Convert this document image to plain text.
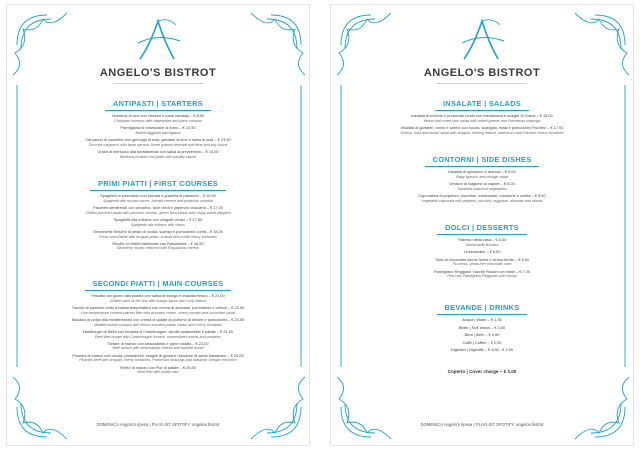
ANGELO'S BISTROT
ANTIPASTI | STARTERS
Hummus di ceci con verdure e pane carasau – € 8,50
Chickpea hummus with vegetables and pane carasau
Parmigiana di melanzane al forno – € 10,50
Baked eggplant parmigiana
Carpaccio di zucchine con germogli di soia, gamberi al lime e salsa di soia – € 13,50
Zucchini carpaccio with bean sprouts, limed prawns dressed with lime and soy sauce
Gratin di merluzzo alla barbabietola con salsa al prezzemolo – € 14,50
Beetroot-crusted cod gratin with parsley sauce
PRIMI PIATTI | FIRST COURSES
Spaghetti al pomodoro con burrata e granella di pistacchi – € 16,50
Spaghetti with tomato sauce, burrata cheese and pistachio crumble
Paccheri semifreddi con pecorino, fave verdi e peperoni croccanti – € 17,00
Chilled paccheri pasta with pecorino cheese, green fava beans and crispy sweet peppers
Spaghetti alla chitarra con vongole veraci – € 17,50
Spaghetti alla chitarra with clams
Orecchiette fresche al pesto di rucola, scampi e pomodorini confit – € 18,00
Fresh orecchiette with arugula pesto, scampi and confit cherry tomatoes
Risotto ai mirtilli mantecato con Raspadura – € 16,50
Blueberry risotto creamed with Raspadura cheese
SECONDI PIATTI | MAIN COURSES
Pescato del giorno alla piastra con salsa al mango e insalata fresca – € 21,00
Grilled catch of the day with mango sauce and curly lettuce
Trancio di salmone cotto a bassa temperatura con crema di avocado, pomodorini e cetrioli – € 22,00
Low-temperature cooked salmon fillet with avocado cream, cherry tomato and cucumber salad
Mosaico di polpo alla mediterranea con crema di patate al profumo di limone e pomodorini – € 23,50
Mediterranean octopus with lemon-scented potato cream and cherry tomatoes
Hamburger di filetto con fonduta di Castelmagno, cipolle caramellate e patate – € 21,00
Beef fillet burger with Castelmagno fondue, caramelized onions and potatoes
Tartare di manzo con stracciatella e pane tostato – € 23,00
Beef tartare with stracciatella cheese and toasted bread
Picanha di manzo con rucola, pomodorini, scaglie di grana e riduzione di aceto balsamico – € 23,50
Picanha beef with arugula, cherry tomatoes, Parmesan shavings and balsamic vinegar reduction
Filetto di manzo con Fior di patate – € 26,00
Beef fillet with potato flan
DOMENICA Angelo's ripesa | PLAYLIST SPOTIFY: angelos bistrot
ANGELO'S BISTROT
INSALATE | SALADS
Insalata di melone e prosciutto crudo con mesticanza e scaglie di Grana – € 15,00
Melon and cured ham salad with mixed greens and Parmesan shavings
Insalata di gamberi, tonno e sorrini con rucola, scalogno, mais e pomodorini Pachino – € 17,00
Shrimp, tuna and surimi salad with arugula, iceberg lettuce, sweetcorn and Pachino cherry tomatoes
CONTORNI | SIDE DISHES
Insalata di spinacino e arancia – € 6,50
Baby spinach and orange salad
Verdure di stagione al vapore – € 8,00
Steamed seasonal vegetables
Caponatina di peperoni, zucchine, melanzane, mandorle e uvetta – € 8,50
Vegetable caponata with peppers, zucchini, eggplant, almonds and raisins
DOLCI | DESSERTS
Tiramisù della casa – € 6,50
Homemade tiramisu
Cheesecake – € 6,50
Torta al cioccolato senza farina e senza lievito – € 6,50
Flourless, yeast-free chocolate cake
Parmigiano Reggiano Vacche Rosse con miele – € 7,00
Red cow Parmigiano Reggiano with honey
BEVANDE | DRINKS
Acqua | Water – € 1,50
Bibite | Soft drinks – € 3,50
Birra | Beer – € 4,50
Caffè | Coffee – € 2,00
Digestivi | Digestifs – € 3,50 - € 4,50
Coperto | Cover charge – € 2,00
DOMENICA Angelo's ripesa | PLAYLIST SPOTIFY: angelos bistrot
